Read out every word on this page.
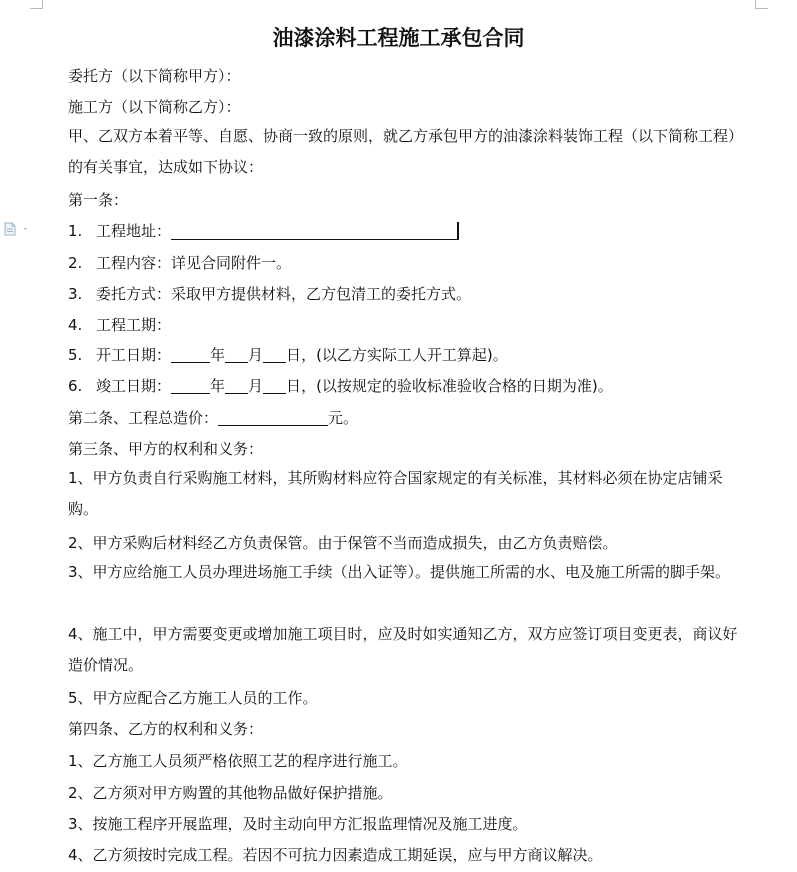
油漆涂料工程施工承包合同
委托方（以下简称甲方）：
施工方（以下简称乙方）：
甲、乙双方本着平等、自愿、协商一致的原则，就乙方承包甲方的油漆涂料装饰工程（以下简称工程）的有关事宜，达成如下协议：
第一条：
1. 工程地址：
2. 工程内容：详见合同附件一。
3. 委托方式：采取甲方提供材料，乙方包清工的委托方式。
4. 工程工期：
5. 开工日期：	年 月 日，(以乙方实际工人开工算起)。
6. 竣工日期：	年 月 日，(以按规定的验收标准验收合格的日期为准)。
第二条、工程总造价：	元。
第三条、甲方的权利和义务：
1、甲方负责自行采购施工材料，其所购材料应符合国家规定的有关标准，其材料必须在协定店铺采购。
2、甲方采购后材料经乙方负责保管。由于保管不当而造成损失，由乙方负责赔偿。
3、甲方应给施工人员办理进场施工手续（出入证等）。提供施工所需的水、电及施工所需的脚手架。
4、施工中，甲方需要变更或增加施工项目时，应及时如实通知乙方，双方应签订项目变更表，商议好造价情况。
5、甲方应配合乙方施工人员的工作。
第四条、乙方的权利和义务：
1、乙方施工人员须严格依照工艺的程序进行施工。
2、乙方须对甲方购置的其他物品做好保护措施。
3、按施工程序开展监理，及时主动向甲方汇报监理情况及施工进度。
4、乙方须按时完成工程。若因不可抗力因素造成工期延误，应与甲方商议解决。
